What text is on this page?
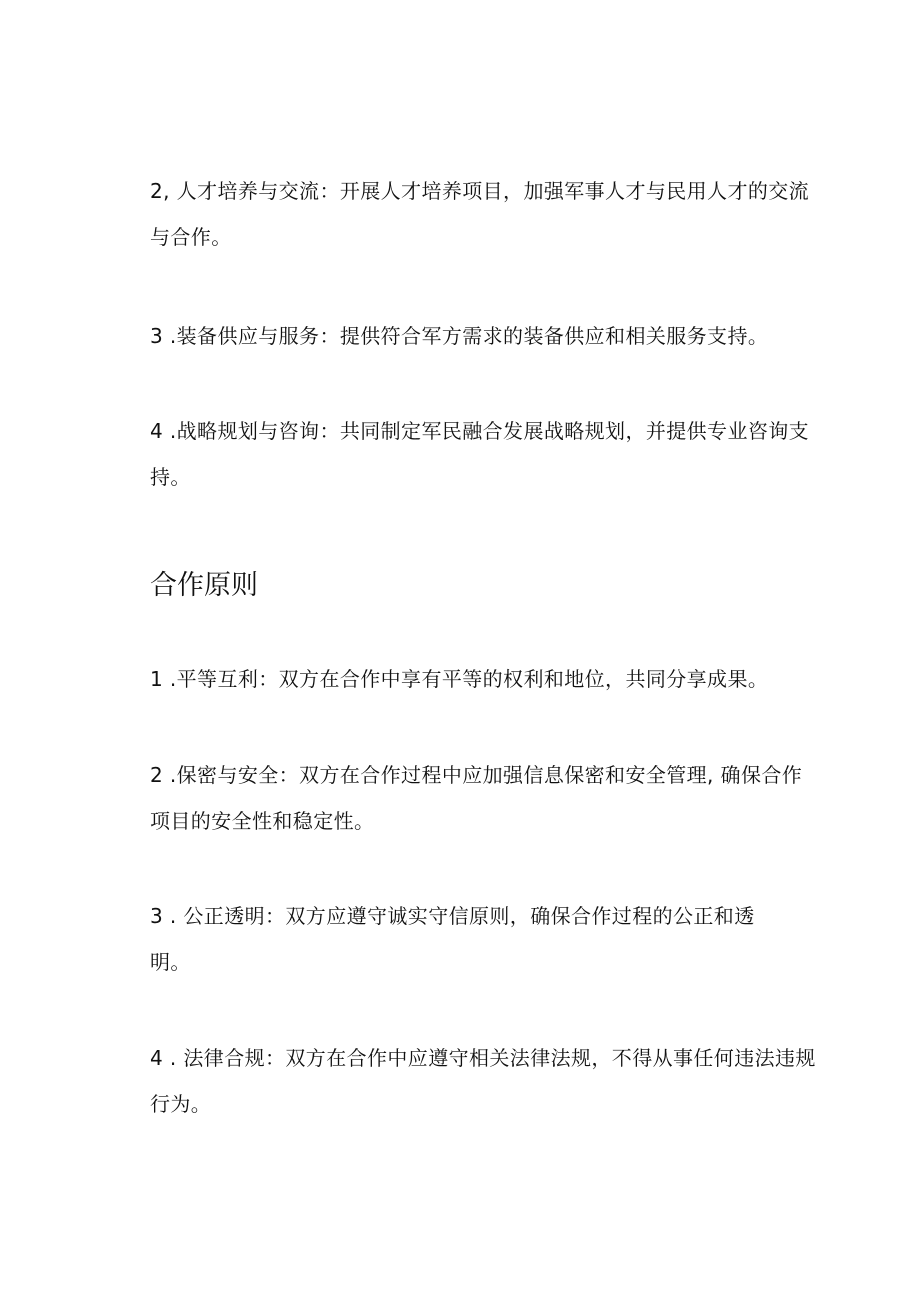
2, 人才培养与交流：开展人才培养项目，加强军事人才与民用人才的交流与合作。

3 .装备供应与服务：提供符合军方需求的装备供应和相关服务支持。

4 .战略规划与咨询：共同制定军民融合发展战略规划，并提供专业咨询支持。

合作原则

1 .平等互利：双方在合作中享有平等的权利和地位，共同分享成果。

2 .保密与安全：双方在合作过程中应加强信息保密和安全管理, 确保合作项目的安全性和稳定性。

3 . 公正透明：双方应遵守诚实守信原则，确保合作过程的公正和透明。

4 . 法律合规：双方在合作中应遵守相关法律法规，不得从事任何违法违规行为。
